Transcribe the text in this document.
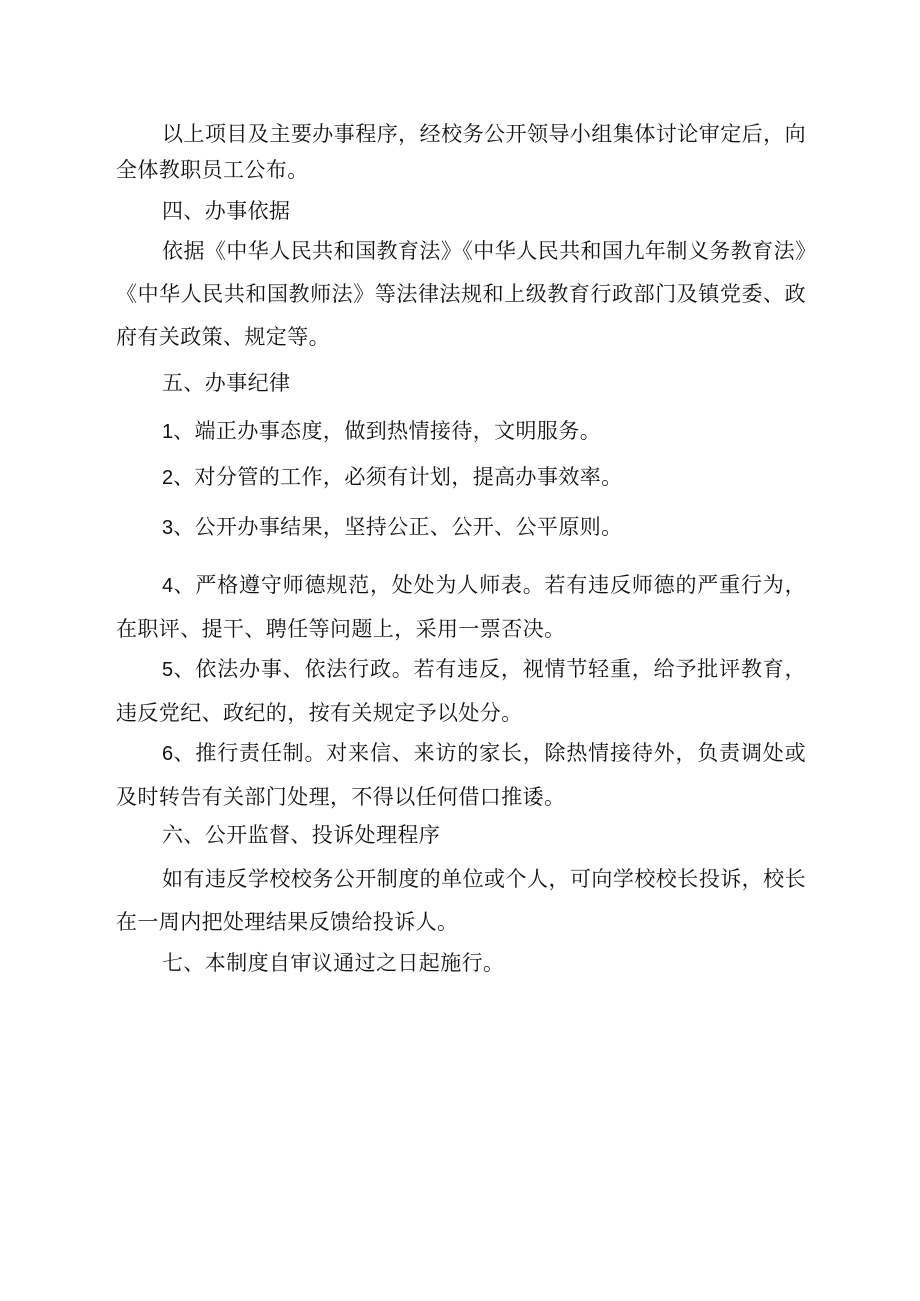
以上项目及主要办事程序，经校务公开领导小组集体讨论审定后，向全体教职员工公布。

四、办事依据

依据《中华人民共和国教育法》《中华人民共和国九年制义务教育法》《中华人民共和国教师法》等法律法规和上级教育行政部门及镇党委、政府有关政策、规定等。

五、办事纪律

1、端正办事态度，做到热情接待，文明服务。

2、对分管的工作，必须有计划，提高办事效率。

3、公开办事结果，坚持公正、公开、公平原则。

4、严格遵守师德规范，处处为人师表。若有违反师德的严重行为，在职评、提干、聘任等问题上，采用一票否决。

5、依法办事、依法行政。若有违反，视情节轻重，给予批评教育，违反党纪、政纪的，按有关规定予以处分。

6、推行责任制。对来信、来访的家长，除热情接待外，负责调处或及时转告有关部门处理，不得以任何借口推诿。

六、公开监督、投诉处理程序

如有违反学校校务公开制度的单位或个人，可向学校校长投诉，校长在一周内把处理结果反馈给投诉人。

七、本制度自审议通过之日起施行。
